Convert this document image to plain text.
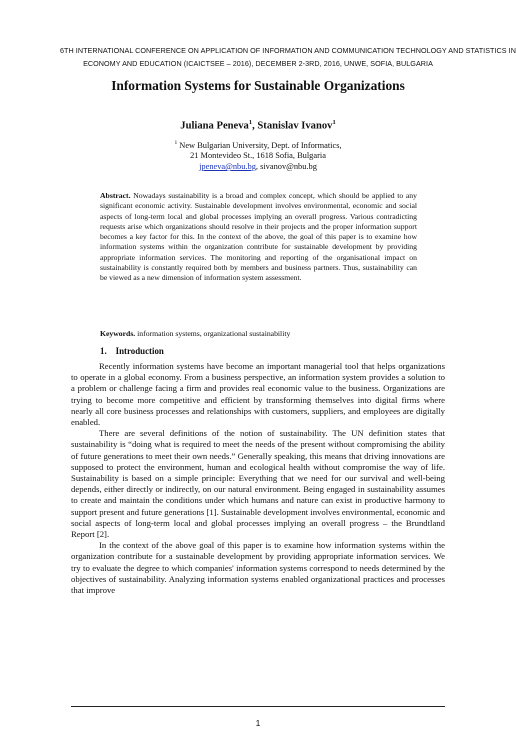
6TH INTERNATIONAL CONFERENCE ON APPLICATION OF INFORMATION AND COMMUNICATION TECHNOLOGY AND STATISTICS IN
ECONOMY AND EDUCATION (ICAICTSEE – 2016), DECEMBER 2-3RD, 2016, UNWE, SOFIA, BULGARIA
Information Systems for Sustainable Organizations
Juliana Peneva$^1$, Stanislav Ivanov$^1$
$^1$ New Bulgarian University, Dept. of Informatics,
21 Montevideo St., 1618 Sofia, Bulgaria
jpeneva@nbu.bg, sivanov@nbu.bg

Abstract. Nowadays sustainability is a broad and complex concept, which should be applied to any significant economic activity. Sustainable development involves environmental, economic and social aspects of long-term local and global processes implying an overall progress. Various contradicting requests arise which organizations should resolve in their projects and the proper information support becomes a key factor for this. In the context of the above, the goal of this paper is to examine how information systems within the organization contribute for sustainable development by providing appropriate information services. The monitoring and reporting of the organisational impact on sustainability is constantly required both by members and business partners. Thus, sustainability can be viewed as a new dimension of information system assessment.

Keywords. information systems, organizational sustainability

1. Introduction

Recently information systems have become an important managerial tool that helps organizations to operate in a global economy. From a business perspective, an information system provides a solution to a problem or challenge facing a firm and provides real economic value to the business. Organizations are trying to become more competitive and efficient by transforming themselves into digital firms where nearly all core business processes and relationships with customers, suppliers, and employees are digitally enabled.

There are several definitions of the notion of sustainability. The UN definition states that sustainability is “doing what is required to meet the needs of the present without compromising the ability of future generations to meet their own needs.” Generally speaking, this means that driving innovations are supposed to protect the environment, human and ecological health without compromise the way of life. Sustainability is based on a simple principle: Everything that we need for our survival and well-being depends, either directly or indirectly, on our natural environment. Being engaged in sustainability assumes to create and maintain the conditions under which humans and nature can exist in productive harmony to support present and future generations [1]. Sustainable development involves environmental, economic and social aspects of long-term local and global processes implying an overall progress – the Brundtland Report [2].

In the context of the above goal of this paper is to examine how information systems within the organization contribute for a sustainable development by providing appropriate information services. We try to evaluate the degree to which companies' information systems correspond to needs determined by the objectives of sustainability. Analyzing information systems enabled organizational practices and processes that improve

1
